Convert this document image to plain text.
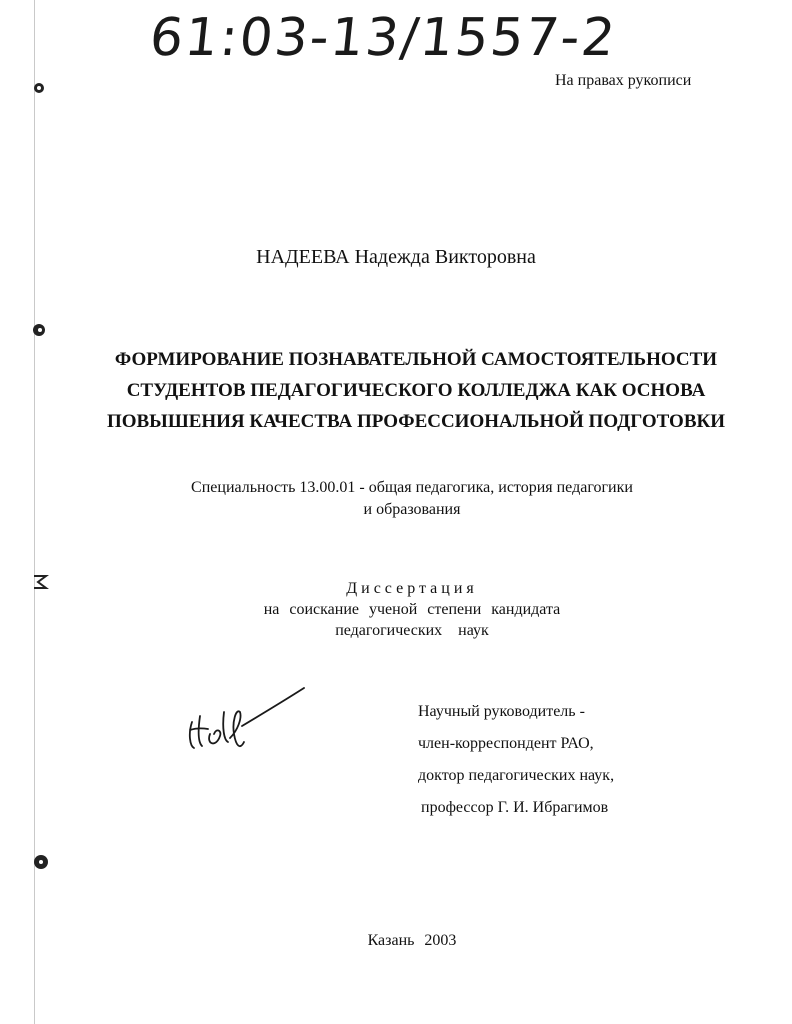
61:03-13/1557-2
На правах рукописи
НАДЕЕВА Надежда Викторовна
ФОРМИРОВАНИЕ ПОЗНАВАТЕЛЬНОЙ САМОСТОЯТЕЛЬНОСТИ
СТУДЕНТОВ ПЕДАГОГИЧЕСКОГО КОЛЛЕДЖА КАК ОСНОВА
ПОВЫШЕНИЯ КАЧЕСТВА ПРОФЕССИОНАЛЬНОЙ ПОДГОТОВКИ
Специальность 13.00.01 - общая педагогика, история педагогики
и образования
Диссертация
на соискание ученой степени кандидата
педагогических наук
Научный руководитель -
член-корреспондент РАО,
доктор педагогических наук,
профессор Г. И. Ибрагимов
Казань 2003
